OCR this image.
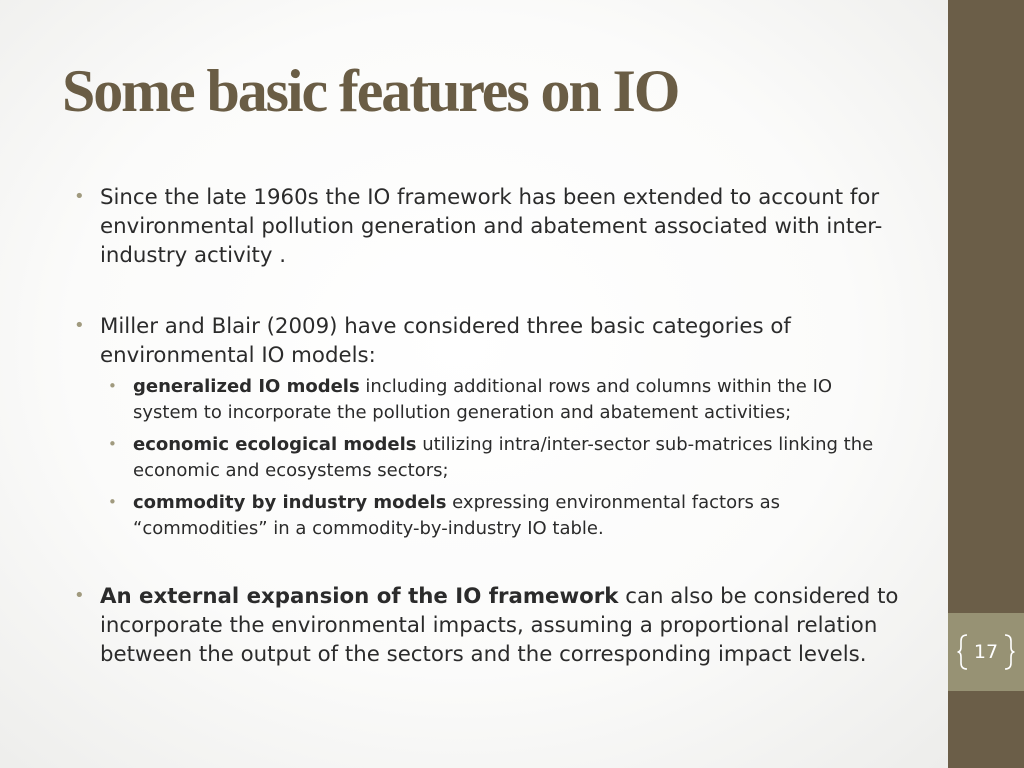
Some basic features on IO
• Since the late 1960s the IO framework has been extended to account for environmental pollution generation and abatement associated with inter-industry activity .
• Miller and Blair (2009) have considered three basic categories of environmental IO models:
• generalized IO models including additional rows and columns within the IO system to incorporate the pollution generation and abatement activities;
• economic ecological models utilizing intra/inter-sector sub-matrices linking the economic and ecosystems sectors;
• commodity by industry models expressing environmental factors as “commodities” in a commodity-by-industry IO table.
• An external expansion of the IO framework can also be considered to incorporate the environmental impacts, assuming a proportional relation between the output of the sectors and the corresponding impact levels.	17
